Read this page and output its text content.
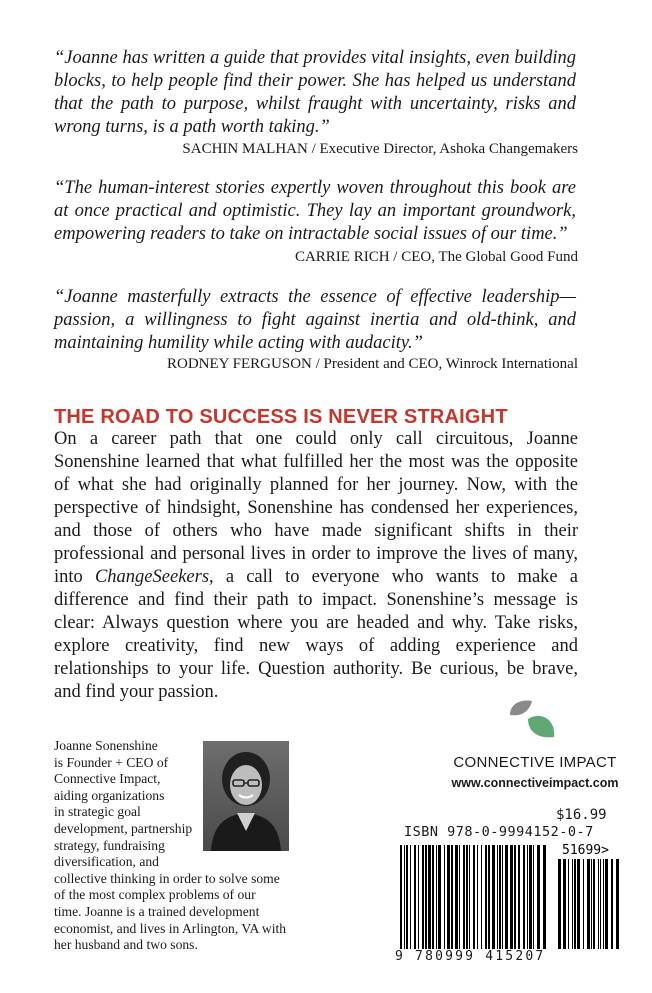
“Joanne has written a guide that provides vital insights, even building blocks, to help people find their power. She has helped us understand that the path to purpose, whilst fraught with uncertainty, risks and wrong turns, is a path worth taking.”
SACHIN MALHAN / Executive Director, Ashoka Changemakers
“The human-interest stories expertly woven throughout this book are at once practical and optimistic. They lay an important groundwork, empowering readers to take on intractable social issues of our time.”
CARRIE RICH / CEO, The Global Good Fund
“Joanne masterfully extracts the essence of effective leadership—passion, a willingness to fight against inertia and old-think, and maintaining humility while acting with audacity.”
RODNEY FERGUSON / President and CEO, Winrock International
THE ROAD TO SUCCESS IS NEVER STRAIGHT
On a career path that one could only call circuitous, Joanne Sonenshine learned that what fulfilled her the most was the opposite of what she had originally planned for her journey. Now, with the perspective of hindsight, Sonenshine has condensed her experiences, and those of others who have made significant shifts in their professional and personal lives in order to improve the lives of many, into ChangeSeekers, a call to everyone who wants to make a difference and find their path to impact. Sonenshine’s message is clear: Always question where you are headed and why. Take risks, explore creativity, find new ways of adding experience and relationships to your life. Question authority. Be curious, be brave, and find your passion.
Joanne Sonenshine
is Founder + CEO of
Connective Impact,
aiding organizations
in strategic goal
development, partnership
strategy, fundraising
diversification, and
collective thinking in order to solve some
of the most complex problems of our
time. Joanne is a trained development
economist, and lives in Arlington, VA with
her husband and two sons.
CONNECTIVE IMPACT
www.connectiveimpact.com
$16.99
ISBN 978-0-9994152-0-7
51699>
9 780999 415207
